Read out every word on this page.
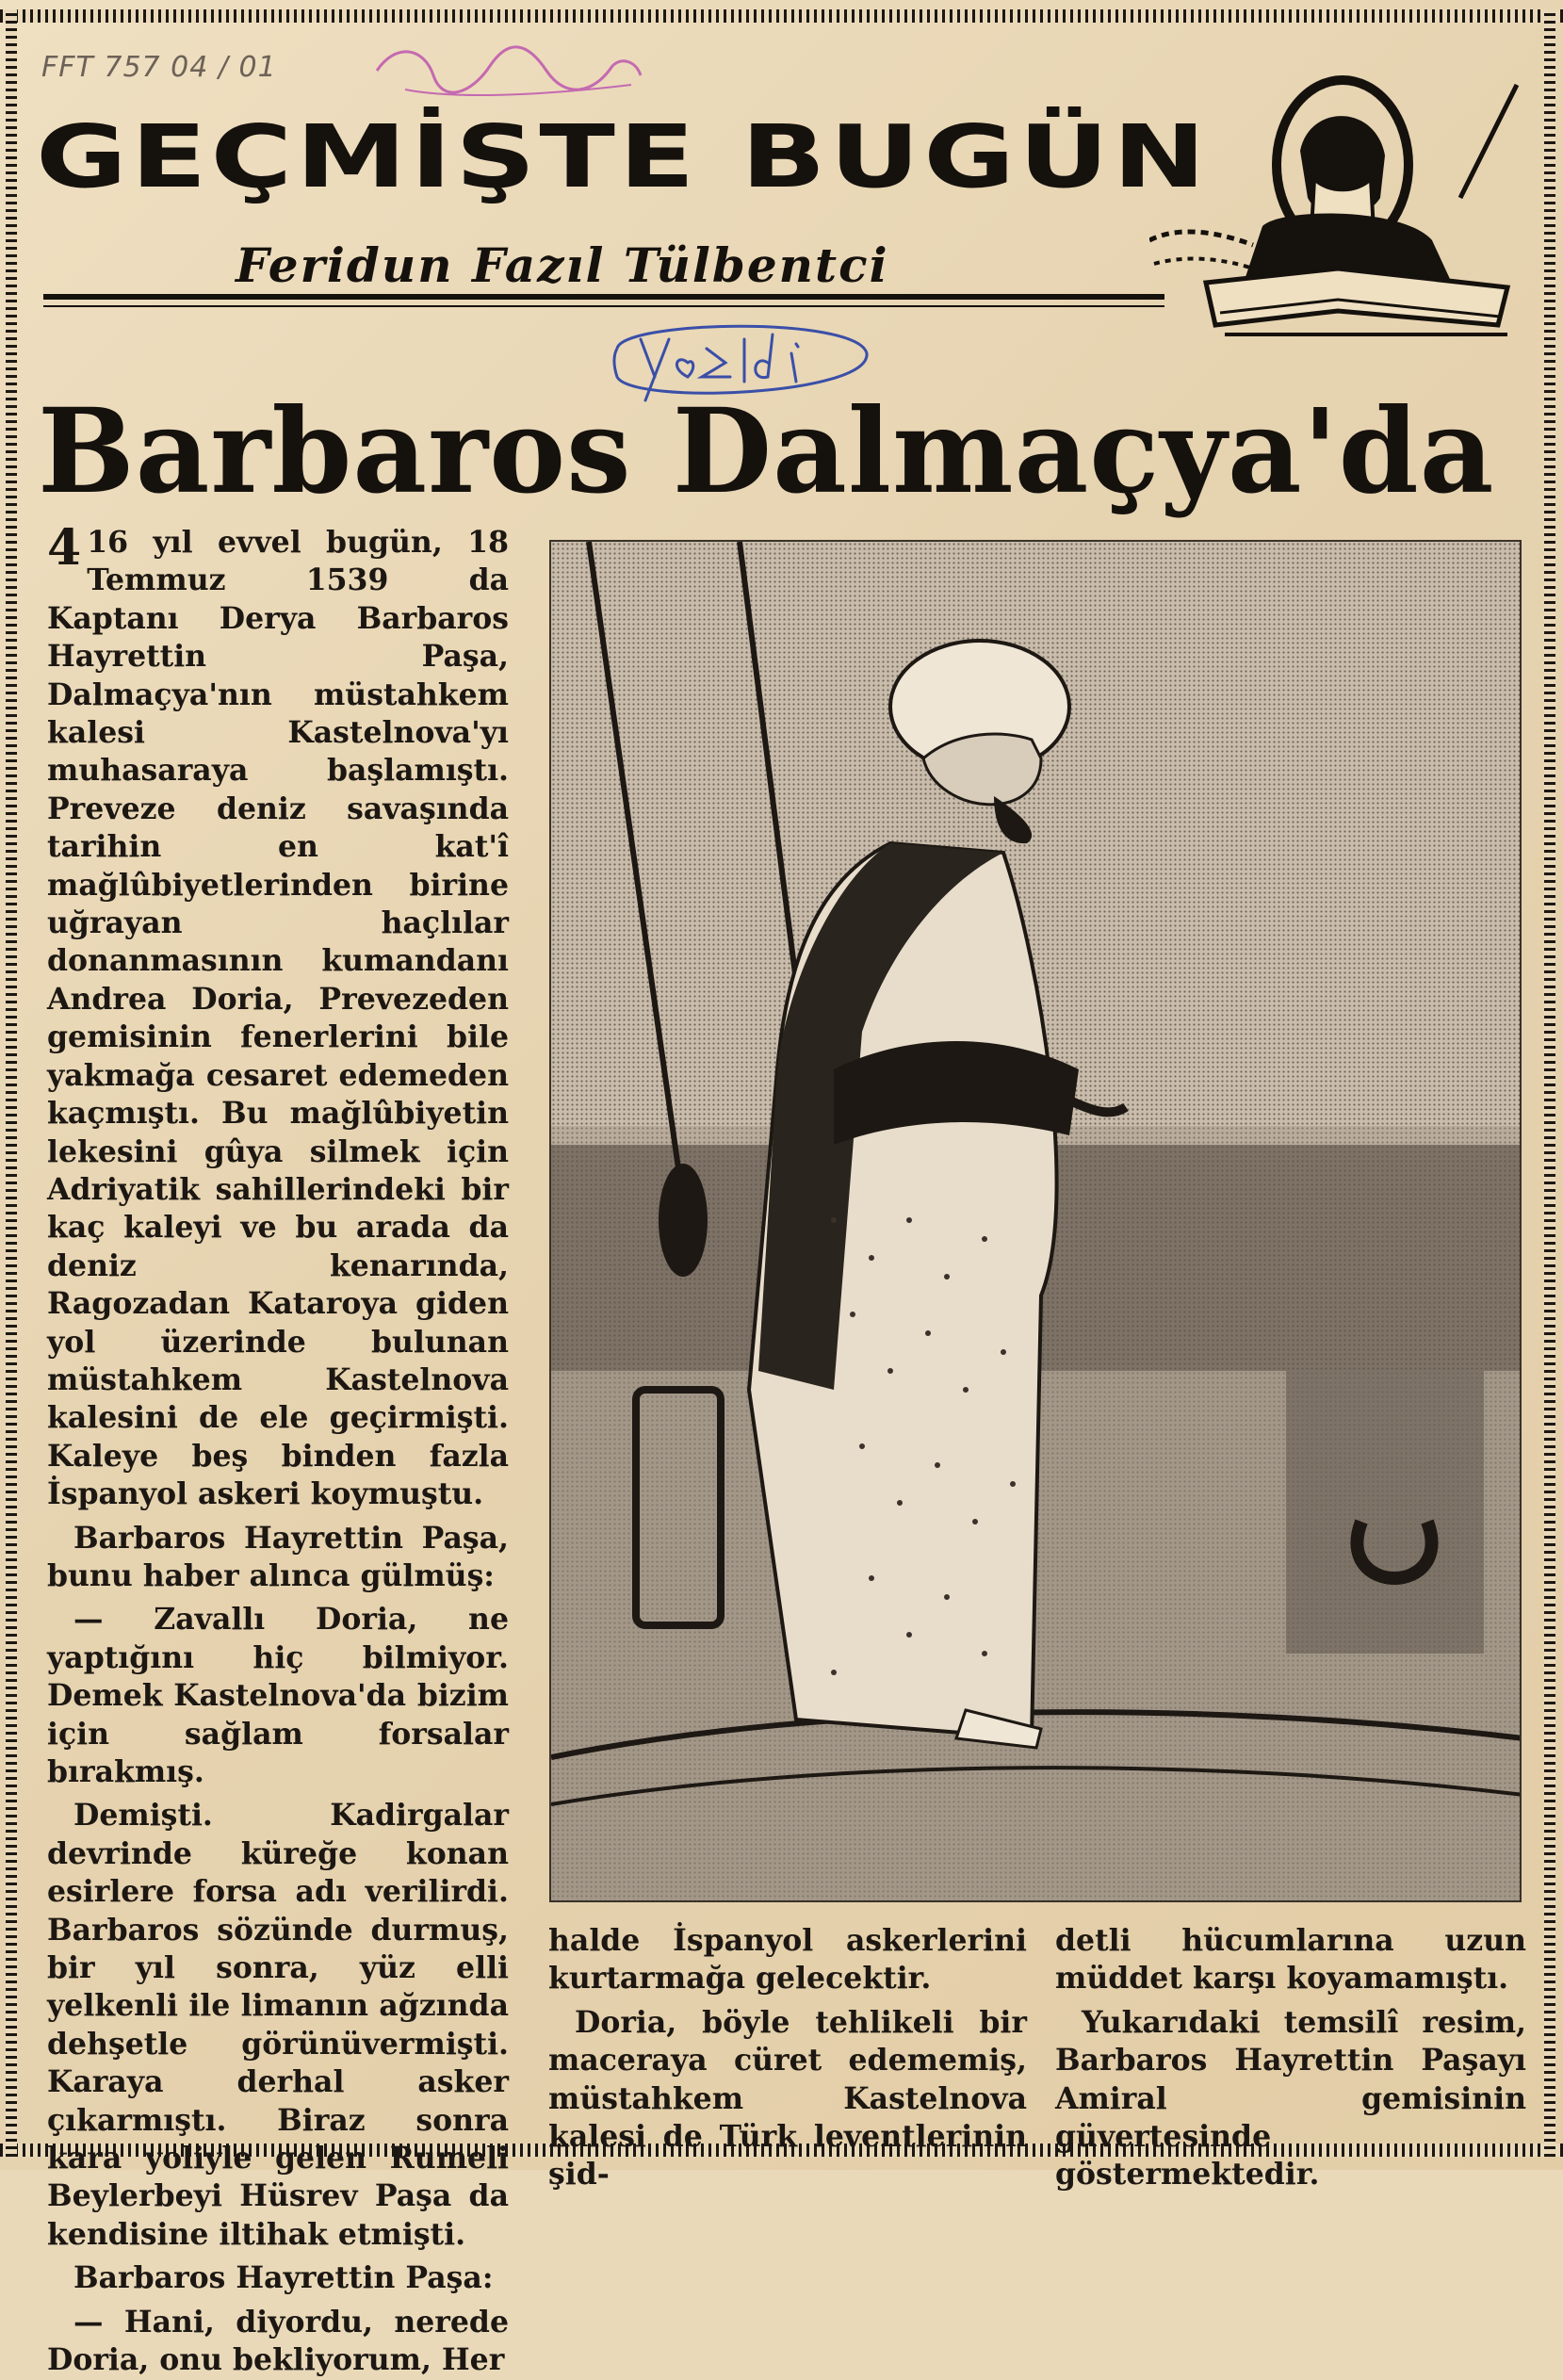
FFT 757 04 / 01
GEÇMİŞTE BUGÜN
Feridun Fazıl Tülbentci
Barbaros Dalmaçya'da

4 16 yıl evvel bugün, 18 Temmuz 1539 da Kaptanı Derya Barbaros Hayrettin Paşa, Dalmaçya'nın müstahkem kalesi Kastelnova'yı muhasaraya başlamıştı. Preveze deniz savaşında tarihin en kat'î mağlûbiyetlerinden birine uğrayan haçlılar donanmasının kumandanı Andrea Doria, Prevezeden gemisinin fenerlerini bile yakmağa cesaret edemeden kaçmıştı. Bu mağlûbiyetin lekesini gûya silmek için Adriyatik sahillerindeki bir kaç kaleyi ve bu arada da deniz kenarında, Ragozadan Kataroya giden yol üzerinde bulunan müstahkem Kastelnova kalesini de ele geçirmişti. Kaleye beş binden fazla İspanyol askeri koymuştu.

Barbaros Hayrettin Paşa, bunu haber alınca gülmüş:

— Zavallı Doria, ne yaptığını hiç bilmiyor. Demek Kastelnova'da bizim için sağlam forsalar bırakmış.

Demişti. Kadirgalar devrinde küreğe konan esirlere forsa adı verilirdi. Barbaros sözünde durmuş, bir yıl sonra, yüz elli yelkenli ile limanın ağzında dehşetle görünüvermişti. Karaya derhal asker çıkarmıştı. Biraz sonra kara yoliyle gelen Rumeli Beylerbeyi Hüsrev Paşa da kendisine iltihak etmişti.

Barbaros Hayrettin Paşa:

— Hani, diyordu, nerede Doria, onu bekliyorum, Her

halde İspanyol askerlerini kurtarmağa gelecektir.

Doria, böyle tehlikeli bir maceraya cüret edememiş, müstahkem Kastelnova kalesi de Türk leventlerinin şid-

detli hücumlarına uzun müddet karşı koyamamıştı.

Yukarıdaki temsilî resim, Barbaros Hayrettin Paşayı Amiral gemisinin güvertesinde göstermektedir.
